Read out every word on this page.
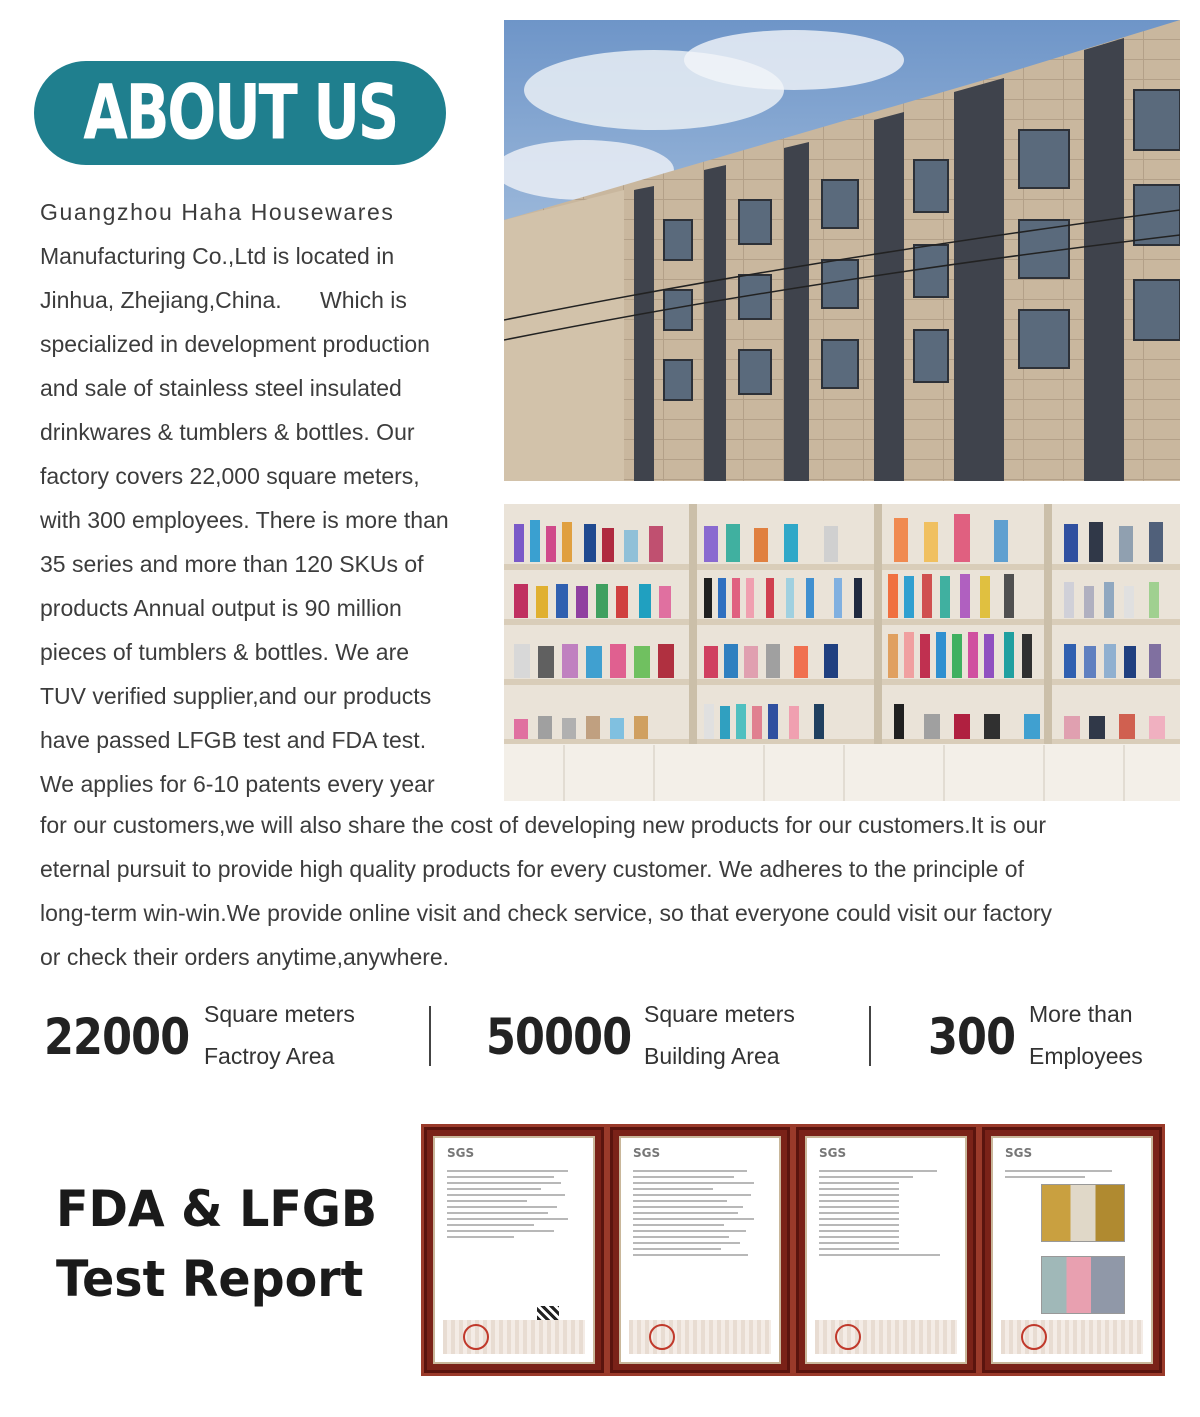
ABOUT US
Guangzhou Haha Housewares
Manufacturing Co.,Ltd is located in
Jinhua, Zhejiang,China.      Which is
specialized in development production
and sale of stainless steel insulated
drinkwares & tumblers & bottles. Our
factory covers 22,000 square meters,
with 300 employees. There is more than
35 series and more than 120 SKUs of
products Annual output is 90 million
pieces of tumblers & bottles. We are
TUV verified supplier,and our products
have passed LFGB test and FDA test.
We applies for 6-10 patents every year
for our customers,we will also share the cost of developing new products for our customers.It is our
eternal pursuit to provide high quality products for every customer. We adheres to the principle of
long-term win-win.We provide online visit and check service, so that everyone could visit our factory
or check their orders anytime,anywhere.
22000 Square meters
Factroy Area	50000 Square meters
Building Area	300 More than
Employees
FDA & LFGB
Test Report
SGS	SGS	SGS	SGS
